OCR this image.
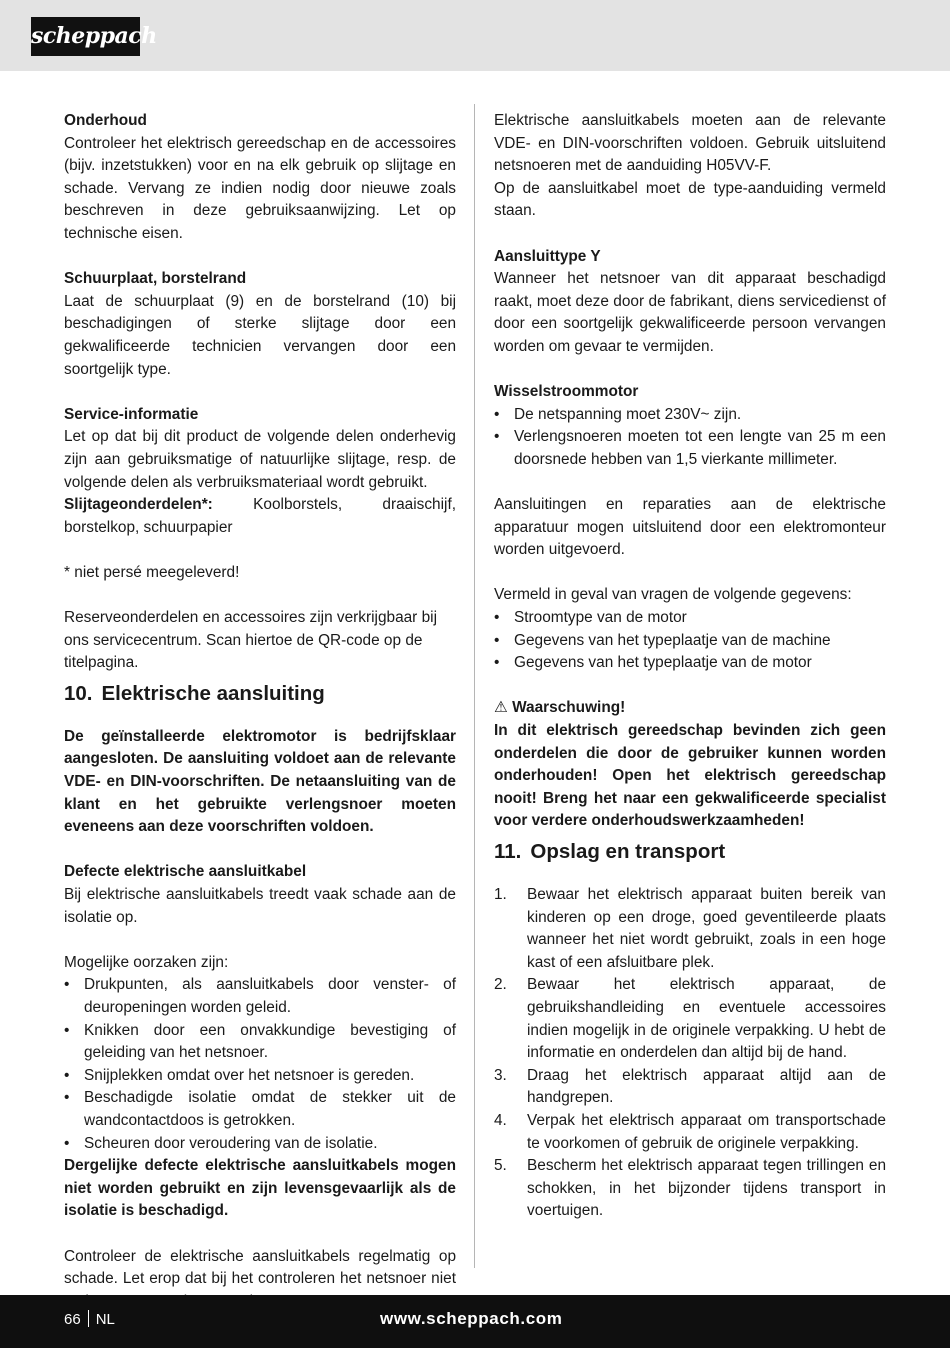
scheppach

Onderhoud

Controleer het elektrisch gereedschap en de accessoires (bijv. inzetstukken) voor en na elk gebruik op slijtage en schade. Vervang ze indien nodig door nieuwe zoals beschreven in deze gebruiksaanwijzing. Let op technische eisen.

Schuurplaat, borstelrand

Laat de schuurplaat (9) en de borstelrand (10) bij beschadigingen of sterke slijtage door een gekwalificeerde technicien vervangen door een soortgelijk type.

Service-informatie

Let op dat bij dit product de volgende delen onderhevig zijn aan gebruiksmatige of natuurlijke slijtage, resp. de volgende delen als verbruiksmateriaal wordt gebruikt.

Slijtageonderdelen*:	Koolborstels, draaischijf, borstelkop, schuurpapier

* niet persé meegeleverd!

Reserveonderdelen en accessoires zijn verkrijgbaar bij ons servicecentrum. Scan hiertoe de QR-code op de titelpagina.

10. Elektrische aansluiting

De geïnstalleerde elektromotor is bedrijfsklaar aangesloten. De aansluiting voldoet aan de relevante VDE- en DIN-voorschriften. De netaansluiting van de klant en het gebruikte verlengsnoer moeten eveneens aan deze voorschriften voldoen.

Defecte elektrische aansluitkabel

Bij elektrische aansluitkabels treedt vaak schade aan de isolatie op.

Mogelijke oorzaken zijn:

• Drukpunten, als aansluitkabels door venster- of deuropeningen worden geleid.
• Knikken door een onvakkundige bevestiging of geleiding van het netsnoer.
• Snijplekken omdat over het netsnoer is gereden.
• Beschadigde isolatie omdat de stekker uit de wandcontactdoos is getrokken.
• Scheuren door veroudering van de isolatie.

Dergelijke defecte elektrische aansluitkabels mogen niet worden gebruikt en zijn levensgevaarlijk als de isolatie is beschadigd.

Controleer de elektrische aansluitkabels regelmatig op schade. Let erop dat bij het controleren het netsnoer niet

Elektrische aansluitkabels moeten aan de relevante VDE- en DIN-voorschriften voldoen. Gebruik uitsluitend netsnoeren met de aanduiding H05VV-F.

Op de aansluitkabel moet de type-aanduiding vermeld staan.

Aansluittype Y

Wanneer het netsnoer van dit apparaat beschadigd raakt, moet deze door de fabrikant, diens servicedienst of door een soortgelijk gekwalificeerde persoon vervangen worden om gevaar te vermijden.

Wisselstroommotor

• De netspanning moet 230V~ zijn.
• Verlengsnoeren moeten tot een lengte van 25 m een doorsnede hebben van 1,5 vierkante millimeter.

Aansluitingen en reparaties aan de elektrische apparatuur mogen uitsluitend door een elektromonteur worden uitgevoerd.

Vermeld in geval van vragen de volgende gegevens:

• Stroomtype van de motor
• Gegevens van het typeplaatje van de machine
• Gegevens van het typeplaatje van de motor

⚠ Waarschuwing!

In dit elektrisch gereedschap bevinden zich geen onderdelen die door de gebruiker kunnen worden onderhouden! Open het elektrisch gereedschap nooit! Breng het naar een gekwalificeerde specialist voor verdere onderhoudswerkzaamheden!

11. Opslag en transport
1. Bewaar het elektrisch apparaat buiten bereik van kinderen op een droge, goed geventileerde plaats wanneer het niet wordt gebruikt, zoals in een hoge kast of een afsluitbare plek.
2. Bewaar het elektrisch apparaat, de gebruikshandleiding en eventuele accessoires indien mogelijk in de originele verpakking. U hebt de informatie en onderdelen dan altijd bij de hand.
3. Draag het elektrisch apparaat altijd aan de handgrepen.
4. Verpak het elektrisch apparaat om transportschade te voorkomen of gebruik de originele verpakking.
5. Bescherm het elektrisch apparaat tegen trillingen en schokken, in het bijzonder tijdens transport in voertuigen.
66 NL	www.scheppach.com
